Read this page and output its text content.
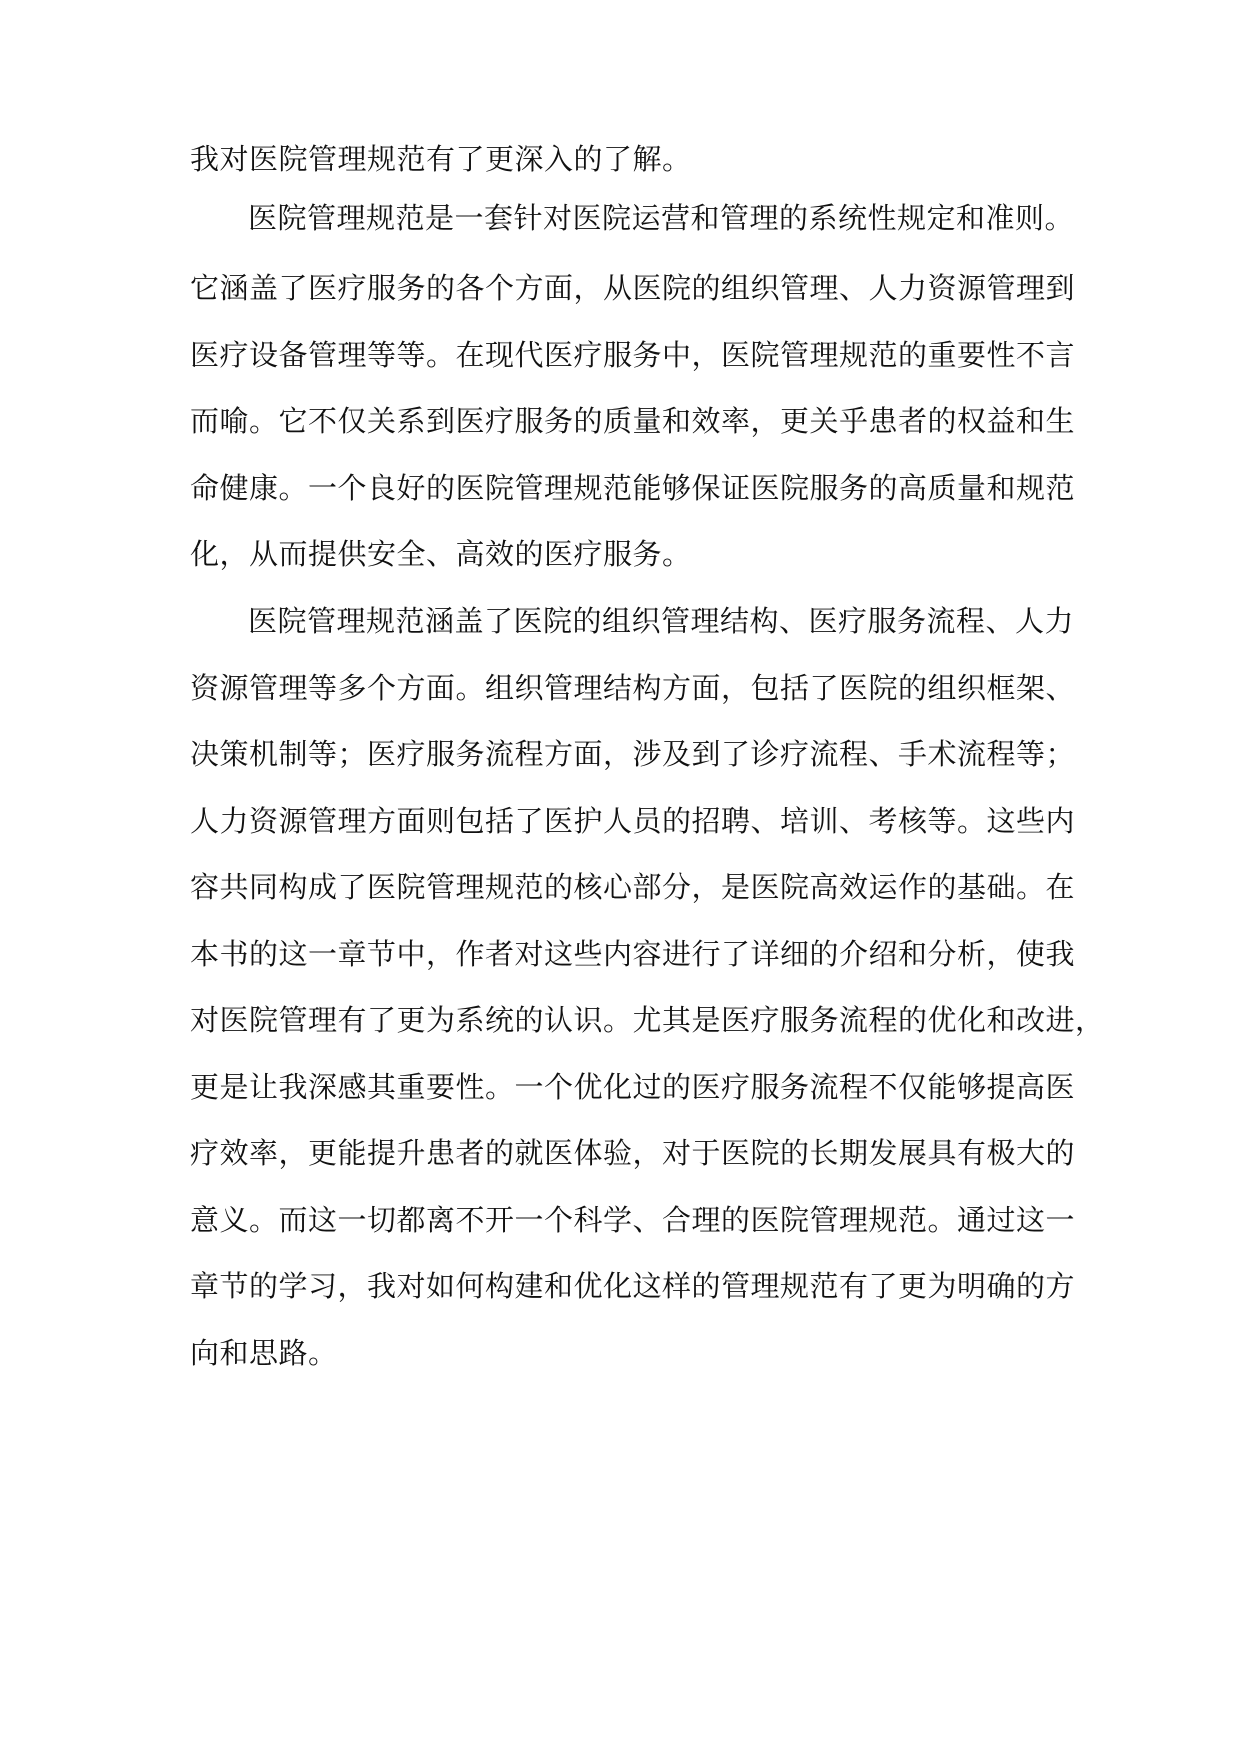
我对医院管理规范有了更深入的了解。
医院管理规范是一套针对医院运营和管理的系统性规定和准则。
它涵盖了医疗服务的各个方面，从医院的组织管理、人力资源管理到
医疗设备管理等等。在现代医疗服务中，医院管理规范的重要性不言
而喻。它不仅关系到医疗服务的质量和效率，更关乎患者的权益和生
命健康。一个良好的医院管理规范能够保证医院服务的高质量和规范
化，从而提供安全、高效的医疗服务。
医院管理规范涵盖了医院的组织管理结构、医疗服务流程、人力
资源管理等多个方面。组织管理结构方面，包括了医院的组织框架、
决策机制等；医疗服务流程方面，涉及到了诊疗流程、手术流程等；
人力资源管理方面则包括了医护人员的招聘、培训、考核等。这些内
容共同构成了医院管理规范的核心部分，是医院高效运作的基础。在
本书的这一章节中，作者对这些内容进行了详细的介绍和分析，使我
对医院管理有了更为系统的认识。尤其是医疗服务流程的优化和改进，
更是让我深感其重要性。一个优化过的医疗服务流程不仅能够提高医
疗效率，更能提升患者的就医体验，对于医院的长期发展具有极大的
意义。而这一切都离不开一个科学、合理的医院管理规范。通过这一
章节的学习，我对如何构建和优化这样的管理规范有了更为明确的方
向和思路。
